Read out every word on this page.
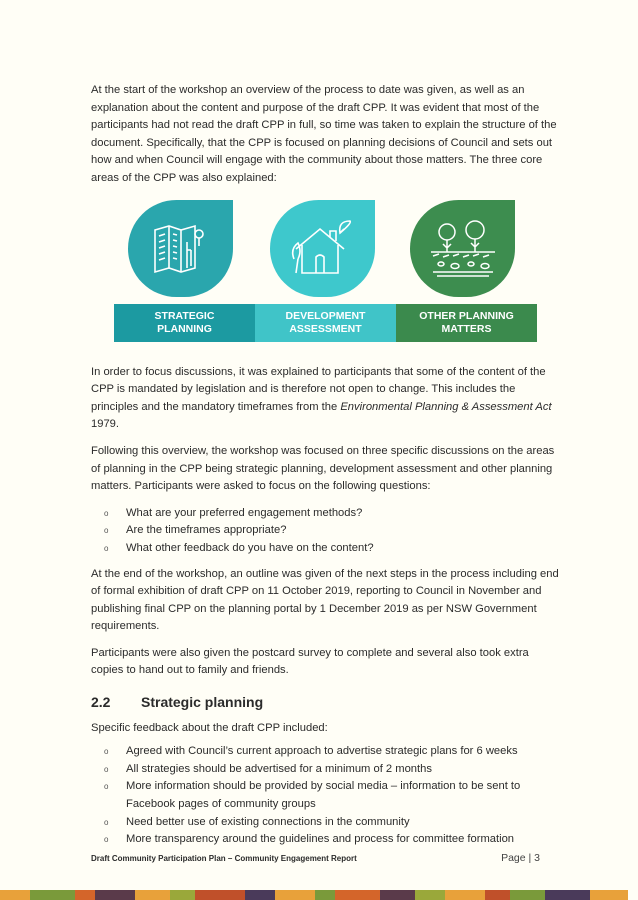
At the start of the workshop an overview of the process to date was given, as well as an explanation about the content and purpose of the draft CPP. It was evident that most of the participants had not read the draft CPP in full, so time was taken to explain the structure of the document. Specifically, that the CPP is focused on planning decisions of Council and sets out how and when Council will engage with the community about those matters. The three core areas of the CPP was also explained:

STRATEGIC
PLANNING
DEVELOPMENT
ASSESSMENT
OTHER PLANNING
MATTERS

In order to focus discussions, it was explained to participants that some of the content of the CPP is mandated by legislation and is therefore not open to change. This includes the principles and the mandatory timeframes from the Environmental Planning & Assessment Act 1979.

Following this overview, the workshop was focused on three specific discussions on the areas of planning in the CPP being strategic planning, development assessment and other planning matters. Participants were asked to focus on the following questions:

o What are your preferred engagement methods?
o Are the timeframes appropriate?
o What other feedback do you have on the content?

At the end of the workshop, an outline was given of the next steps in the process including end of formal exhibition of draft CPP on 11 October 2019, reporting to Council in November and publishing final CPP on the planning portal by 1 December 2019 as per NSW Government requirements.

Participants were also given the postcard survey to complete and several also took extra copies to hand out to family and friends.

2.2	Strategic planning

Specific feedback about the draft CPP included:

o Agreed with Council’s current approach to advertise strategic plans for 6 weeks
o All strategies should be advertised for a minimum of 2 months
o More information should be provided by social media – information to be sent to Facebook pages of community groups
o Need better use of existing connections in the community
o More transparency around the guidelines and process for committee formation
Draft Community Participation Plan – Community Engagement Report	Page | 3
